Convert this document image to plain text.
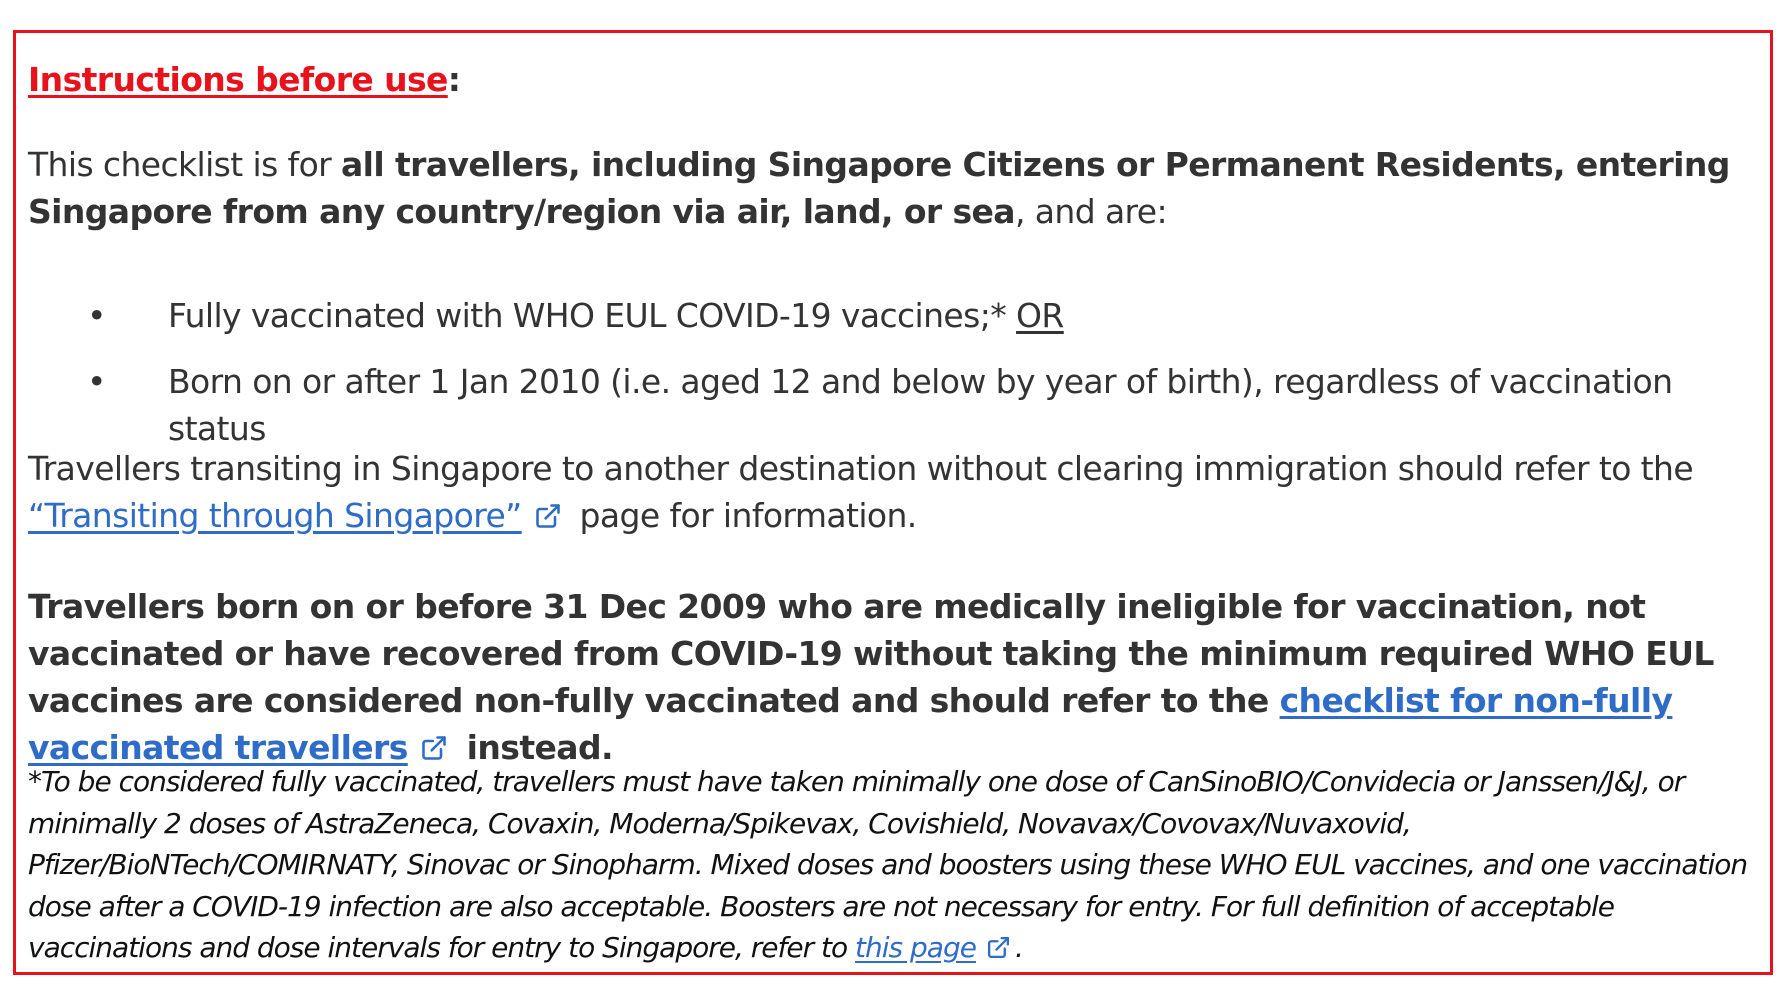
Instructions before use:

This checklist is for all travellers, including Singapore Citizens or Permanent Residents, entering Singapore from any country/region via air, land, or sea, and are:

• Fully vaccinated with WHO EUL COVID-19 vaccines;* OR
• Born on or after 1 Jan 2010 (i.e. aged 12 and below by year of birth), regardless of vaccination status

Travellers transiting in Singapore to another destination without clearing immigration should refer to the “Transiting through Singapore”
page for information.

Travellers born on or before 31 Dec 2009 who are medically ineligible for vaccination, not vaccinated or have recovered from COVID-19 without taking the minimum required WHO EUL vaccines are considered non-fully vaccinated and should refer to the checklist for non-fully vaccinated travellers
instead.

*To be considered fully vaccinated, travellers must have taken minimally one dose of CanSinoBIO/Convidecia or Janssen/J&J, or minimally 2 doses of AstraZeneca, Covaxin, Moderna/Spikevax, Covishield, Novavax/Covovax/Nuvaxovid, Pfizer/BioNTech/COMIRNATY, Sinovac or Sinopharm. Mixed doses and boosters using these WHO EUL vaccines, and one vaccination dose after a COVID-19 infection are also acceptable. Boosters are not necessary for entry. For full definition of acceptable vaccinations and dose intervals for entry to Singapore, refer to this page .
